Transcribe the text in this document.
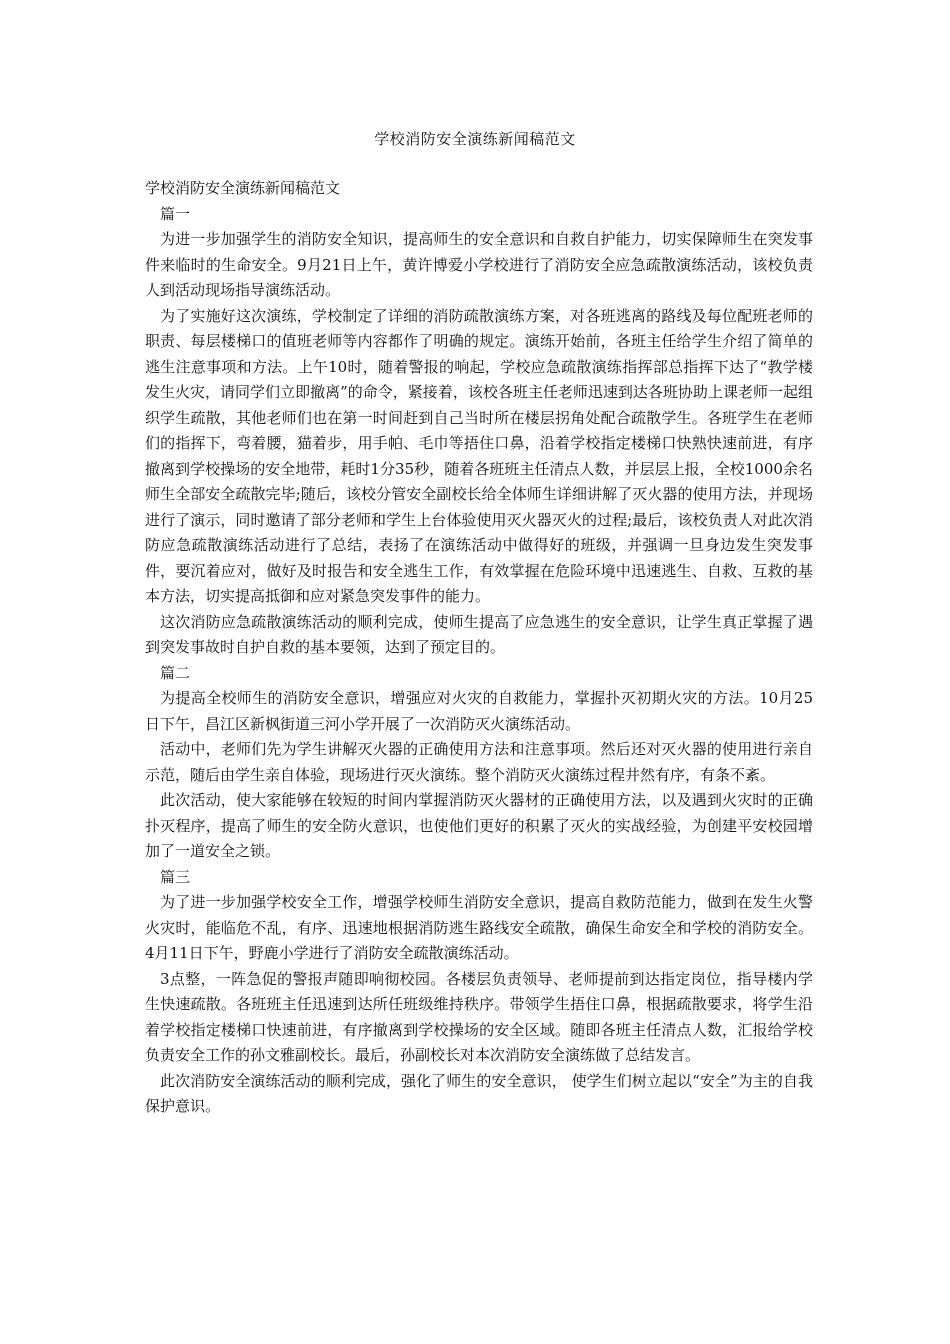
学校消防安全演练新闻稿范文

学校消防安全演练新闻稿范文

篇一

为进一步加强学生的消防安全知识，提高师生的安全意识和自救自护能力，切实保障师生在突发事件来临时的生命安全。9月21日上午，黄许博爱小学校进行了消防安全应急疏散演练活动，该校负责人到活动现场指导演练活动。

为了实施好这次演练，学校制定了详细的消防疏散演练方案，对各班逃离的路线及每位配班老师的职责、每层楼梯口的值班老师等内容都作了明确的规定。演练开始前，各班主任给学生介绍了简单的逃生注意事项和方法。上午10时，随着警报的响起，学校应急疏散演练指挥部总指挥下达了“教学楼发生火灾，请同学们立即撤离”的命令，紧接着，该校各班主任老师迅速到达各班协助上课老师一起组织学生疏散，其他老师们也在第一时间赶到自己当时所在楼层拐角处配合疏散学生。各班学生在老师们的指挥下，弯着腰，猫着步，用手帕、毛巾等捂住口鼻，沿着学校指定楼梯口快熟快速前进，有序撤离到学校操场的安全地带，耗时1分35秒，随着各班班主任清点人数，并层层上报，全校1000余名师生全部安全疏散完毕;随后，该校分管安全副校长给全体师生详细讲解了灭火器的使用方法，并现场进行了演示，同时邀请了部分老师和学生上台体验使用灭火器灭火的过程;最后，该校负责人对此次消防应急疏散演练活动进行了总结，表扬了在演练活动中做得好的班级，并强调一旦身边发生突发事件，要沉着应对，做好及时报告和安全逃生工作，有效掌握在危险环境中迅速逃生、自救、互救的基本方法，切实提高抵御和应对紧急突发事件的能力。

这次消防应急疏散演练活动的顺利完成，使师生提高了应急逃生的安全意识，让学生真正掌握了遇到突发事故时自护自救的基本要领，达到了预定目的。

篇二

为提高全校师生的消防安全意识，增强应对火灾的自救能力，掌握扑灭初期火灾的方法。10月25日下午，昌江区新枫街道三河小学开展了一次消防灭火演练活动。

活动中，老师们先为学生讲解灭火器的正确使用方法和注意事项。然后还对灭火器的使用进行亲自示范，随后由学生亲自体验，现场进行灭火演练。整个消防灭火演练过程井然有序，有条不紊。

此次活动，使大家能够在较短的时间内掌握消防灭火器材的正确使用方法，以及遇到火灾时的正确扑灭程序，提高了师生的安全防火意识，也使他们更好的积累了灭火的实战经验，为创建平安校园增加了一道安全之锁。

篇三

为了进一步加强学校安全工作，增强学校师生消防安全意识，提高自救防范能力，做到在发生火警火灾时，能临危不乱，有序、迅速地根据消防逃生路线安全疏散，确保生命安全和学校的消防安全。4月11日下午，野鹿小学进行了消防安全疏散演练活动。

3点整，一阵急促的警报声随即响彻校园。各楼层负责领导、老师提前到达指定岗位，指导楼内学生快速疏散。各班班主任迅速到达所任班级维持秩序。带领学生捂住口鼻，根据疏散要求，将学生沿着学校指定楼梯口快速前进，有序撤离到学校操场的安全区域。随即各班主任清点人数，汇报给学校负责安全工作的孙文雅副校长。最后，孙副校长对本次消防安全演练做了总结发言。

此次消防安全演练活动的顺利完成，强化了师生的安全意识， 使学生们树立起以“安全”为主的自我保护意识。
